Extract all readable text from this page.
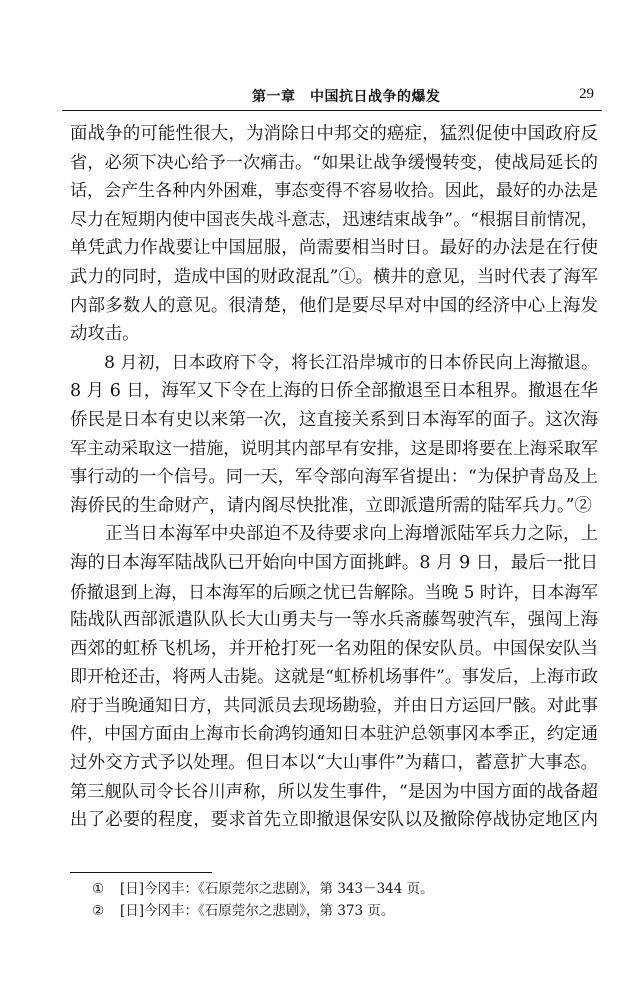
第一章　中国抗日战争的爆发	29
面战争的可能性很大，为消除日中邦交的癌症，猛烈促使中国政府反
省，必须下决心给予一次痛击。“如果让战争缓慢转变，使战局延长的
话，会产生各种内外困难，事态变得不容易收拾。因此，最好的办法是
尽力在短期内使中国丧失战斗意志，迅速结束战争”。“根据目前情况，
单凭武力作战要让中国屈服，尚需要相当时日。最好的办法是在行使
武力的同时，造成中国的财政混乱”①。横井的意见，当时代表了海军
内部多数人的意见。很清楚，他们是要尽早对中国的经济中心上海发
动攻击。
　　8 月初，日本政府下令，将长江沿岸城市的日本侨民向上海撤退。
8 月 6 日，海军又下令在上海的日侨全部撤退至日本租界。撤退在华
侨民是日本有史以来第一次，这直接关系到日本海军的面子。这次海
军主动采取这一措施，说明其内部早有安排，这是即将要在上海采取军
事行动的一个信号。同一天，军令部向海军省提出：“为保护青岛及上
海侨民的生命财产，请内阁尽快批准，立即派遣所需的陆军兵力。”②
　　正当日本海军中央部迫不及待要求向上海增派陆军兵力之际，上
海的日本海军陆战队已开始向中国方面挑衅。8 月 9 日，最后一批日
侨撤退到上海，日本海军的后顾之忧已告解除。当晚 5 时许，日本海军
陆战队西部派遣队队长大山勇夫与一等水兵斋藤驾驶汽车，强闯上海
西郊的虹桥飞机场，并开枪打死一名劝阻的保安队员。中国保安队当
即开枪还击，将两人击毙。这就是“虹桥机场事件”。事发后，上海市政
府于当晚通知日方，共同派员去现场勘验，并由日方运回尸骸。对此事
件，中国方面由上海市长俞鸿钧通知日本驻沪总领事冈本季正，约定通
过外交方式予以处理。但日本以“大山事件”为藉口，蓄意扩大事态。
第三舰队司令长谷川声称，所以发生事件，“是因为中国方面的战备超
出了必要的程度，要求首先立即撤退保安队以及撤除停战协定地区内
① [日]今冈丰：《石原莞尔之悲剧》，第 343－344 页。
② [日]今冈丰：《石原莞尔之悲剧》，第 373 页。
